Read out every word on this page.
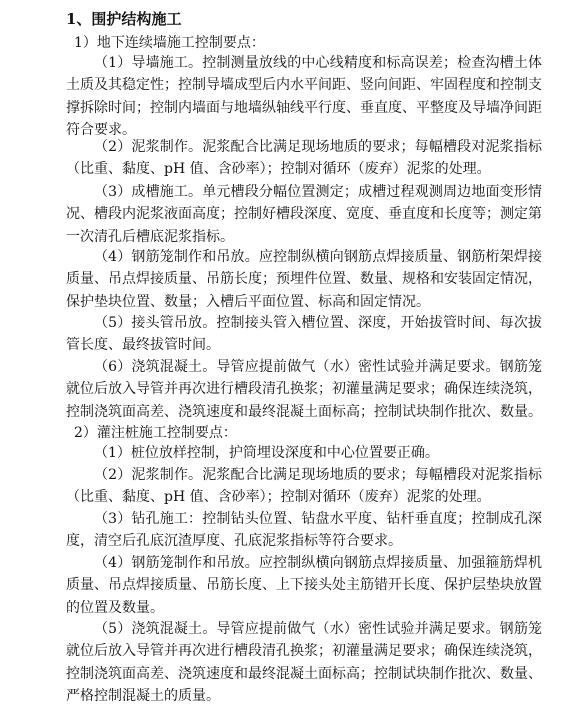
1、围护结构施工
1）地下连续墙施工控制要点：
（1）导墙施工。控制测量放线的中心线精度和标高误差；检查沟槽土体土质及其稳定性；控制导墙成型后内水平间距、竖向间距、牢固程度和控制支撑拆除时间；控制内墙面与地墙纵轴线平行度、垂直度、平整度及导墙净间距符合要求。
（2）泥浆制作。泥浆配合比满足现场地质的要求；每幅槽段对泥浆指标（比重、黏度、pH 值、含砂率）；控制对循环（废弃）泥浆的处理。
（3）成槽施工。单元槽段分幅位置测定；成槽过程观测周边地面变形情况、槽段内泥浆液面高度；控制好槽段深度、宽度、垂直度和长度等；测定第一次清孔后槽底泥浆指标。
（4）钢筋笼制作和吊放。应控制纵横向钢筋点焊接质量、钢筋桁架焊接质量、吊点焊接质量、吊筋长度；预埋件位置、数量、规格和安装固定情况，保护垫块位置、数量；入槽后平面位置、标高和固定情况。
（5）接头管吊放。控制接头管入槽位置、深度，开始拔管时间、每次拔管长度、最终拔管时间。
（6）浇筑混凝土。导管应提前做气（水）密性试验并满足要求。钢筋笼就位后放入导管并再次进行槽段清孔换浆；初灌量满足要求；确保连续浇筑，控制浇筑面高差、浇筑速度和最终混凝土面标高；控制试块制作批次、数量。
2）灌注桩施工控制要点：
（1）桩位放样控制，护筒埋设深度和中心位置要正确。
（2）泥浆制作。泥浆配合比满足现场地质的要求；每幅槽段对泥浆指标（比重、黏度、pH 值、含砂率）；控制对循环（废弃）泥浆的处理。
（3）钻孔施工：控制钻头位置、钻盘水平度、钻杆垂直度；控制成孔深度，清空后孔底沉渣厚度、孔底泥浆指标等符合要求。
（4）钢筋笼制作和吊放。应控制纵横向钢筋点焊接质量、加强箍筋焊机质量、吊点焊接质量、吊筋长度、上下接头处主筋错开长度、保护层垫块放置的位置及数量。
（5）浇筑混凝土。导管应提前做气（水）密性试验并满足要求。钢筋笼就位后放入导管并再次进行槽段清孔换浆；初灌量满足要求；确保连续浇筑，控制浇筑面高差、浇筑速度和最终混凝土面标高；控制试块制作批次、数量、严格控制混凝土的质量。
